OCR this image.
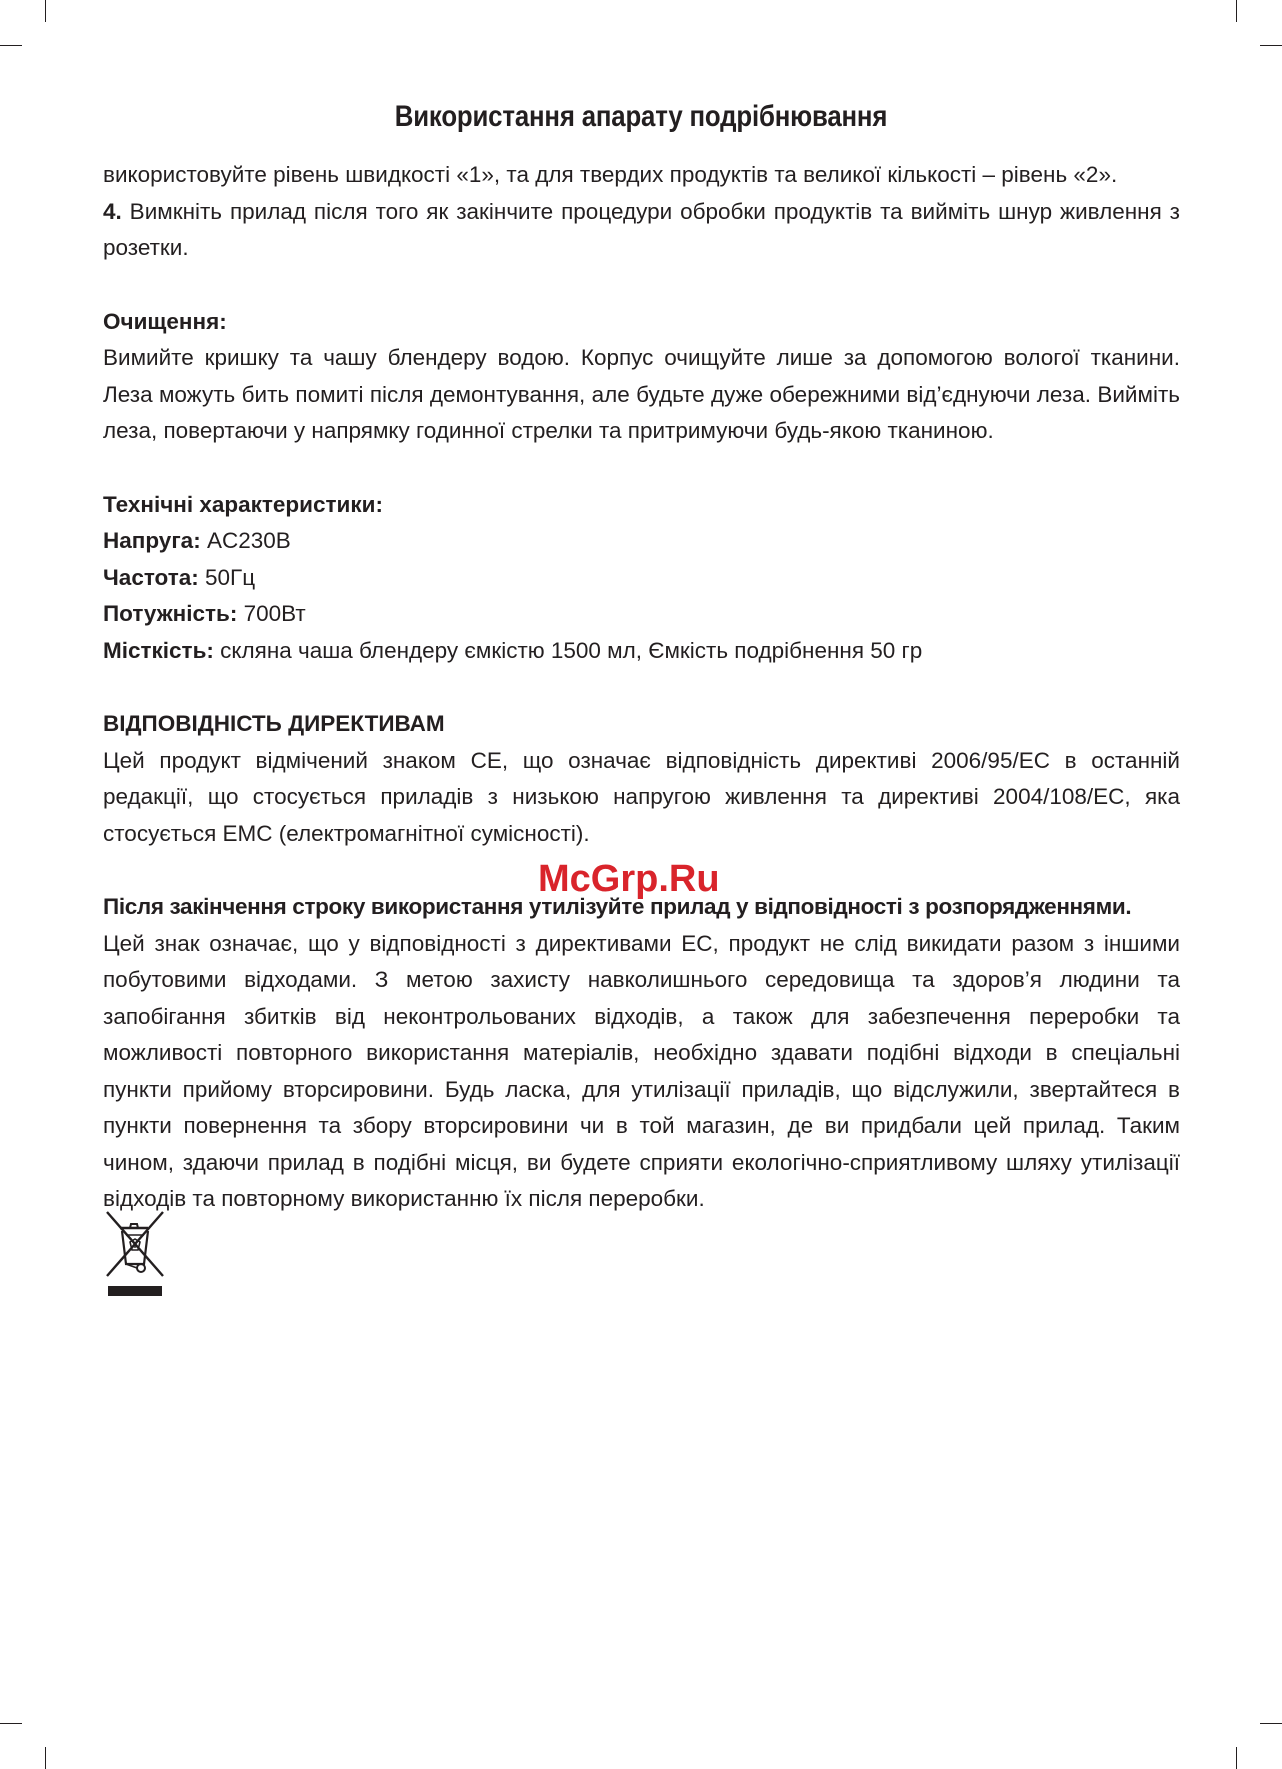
Використання апарату подрібнювання

використовуйте рівень швидкості «1», та для твердих продуктів та великої кількості – рівень «2».
4. Вимкніть прилад після того як закінчите процедури обробки продуктів та вийміть шнур живлення з розетки.

Очищення:

Вимийте кришку та чашу блендеру водою. Корпус очищуйте лише за допомогою вологої тканини. Леза можуть бить помиті після демонтування, але будьте дуже обережними від’єднуючи леза. Вийміть леза, повертаючи у напрямку годинної стрелки та притримуючи будь-якою тканиною.

Технічні характеристики:

Напруга: AC230B

Частота: 50Гц

Потужність: 700Вт

Місткість: скляна чаша блендеру ємкістю 1500 мл, Ємкість подрібнення 50 гр

ВІДПОВІДНІСТЬ ДИРЕКТИВАМ

Цей продукт відмічений знаком CE, що означає відповідність директиві 2006/95/EC в останній редакції, що стосується приладів з низькою напругою живлення та директиві 2004/108/EC, яка стосується EMC (електромагнітної сумісності).

Після закінчення строку використання утилізуйте прилад у відповідності з розпорядженнями.

Цей знак означає, що у відповідності з директивами ЕС, продукт не слід викидати разом з іншими побутовими відходами. З метою захисту навколишнього середовища та здоров’я людини та запобігання збитків від неконтрольованих відходів, а також для забезпечення переробки та можливості повторного використання матеріалів, необхідно здавати подібні відходи в спеціальні пункти прийому вторсировини. Будь ласка, для утилізації приладів, що відслужили, звертайтеся в пункти повернення та збору вторсировини чи в той магазин, де ви придбали цей прилад. Таким чином, здаючи прилад в подібні місця, ви будете сприяти екологічно-сприятливому шляху утилізації відходів та повторному використанню їх після переробки.

McGrp.Ru
